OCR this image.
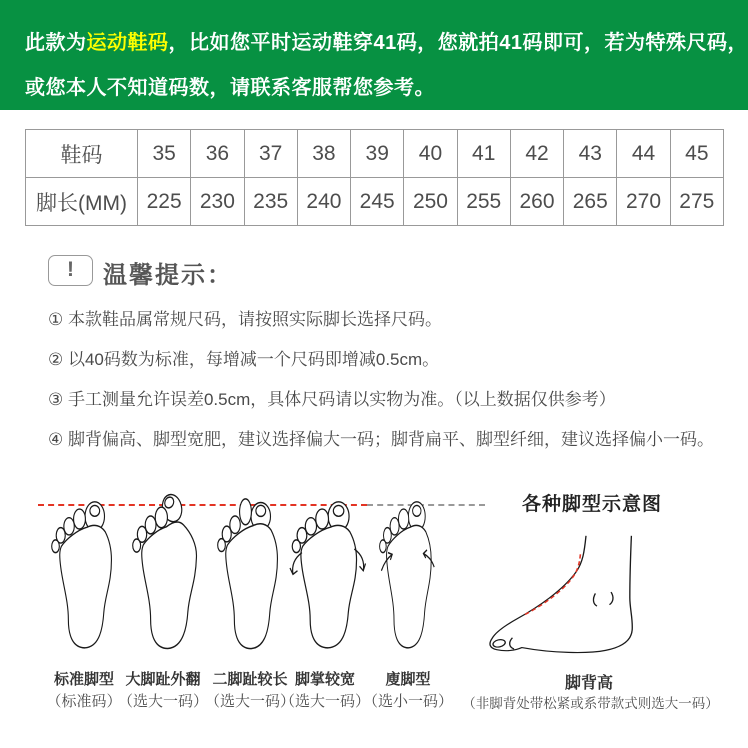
此款为运动鞋码，比如您平时运动鞋穿41码，您就拍41码即可，若为特殊尺码，
或您本人不知道码数，请联系客服帮您参考。
鞋码	35	36	37	38	39	40	41	42	43	44	45
脚长(MM)	225	230	235	240	245	250	255	260	265	270	275
!	温馨提示：
① 本款鞋品属常规尺码，请按照实际脚长选择尺码。
② 以40码数为标准，每增减一个尺码即增减0.5cm。
③ 手工测量允许误差0.5cm，具体尺码请以实物为准。（以上数据仅供参考）
④ 脚背偏高、脚型宽肥，建议选择偏大一码；脚背扁平、脚型纤细，建议选择偏小一码。
标准脚型
（标准码）
大脚趾外翻
（选大一码）
二脚趾较长
（选大一码）
脚掌较宽
（选大一码）
廋脚型
（选小一码）
各种脚型示意图
脚背高
（非脚背处带松紧或系带款式则选大一码）
